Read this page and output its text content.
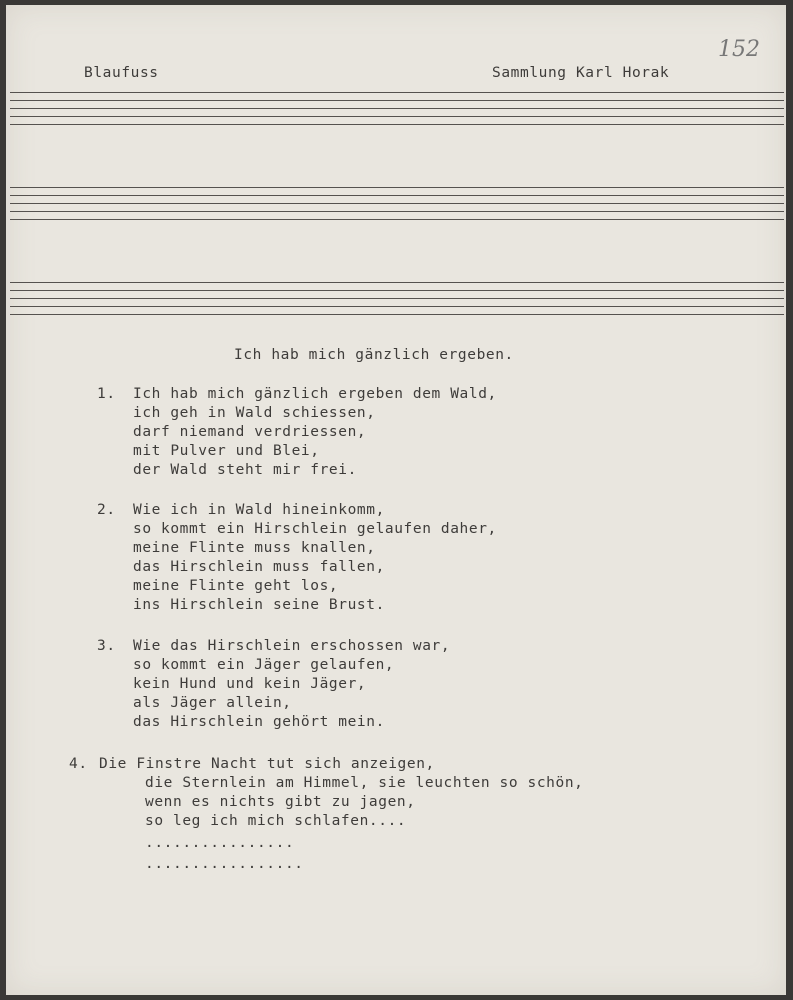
Blaufuss	Sammlung Karl Horak
152
Ich hab mich gänzlich ergeben.
1. Ich hab mich gänzlich ergeben dem Wald,
ich geh in Wald schiessen,
darf niemand verdriessen,
mit Pulver und Blei,
der Wald steht mir frei.
2. Wie ich in Wald hineinkomm,
so kommt ein Hirschlein gelaufen daher,
meine Flinte muss knallen,
das Hirschlein muss fallen,
meine Flinte geht los,
ins Hirschlein seine Brust.
3. Wie das Hirschlein erschossen war,
so kommt ein Jäger gelaufen,
kein Hund und kein Jäger,
als Jäger allein,
das Hirschlein gehört mein.
4. Die Finstre Nacht tut sich anzeigen,
die Sternlein am Himmel, sie leuchten so schön,
wenn es nichts gibt zu jagen,
so leg ich mich schlafen....
................
.................
